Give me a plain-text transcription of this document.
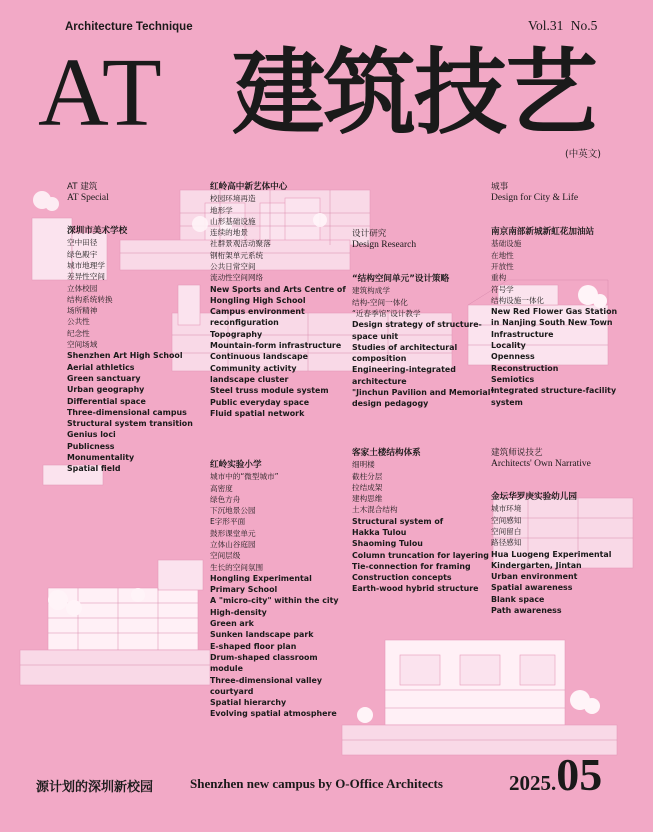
Architecture Technique	Vol.31 No.5
AT 建筑技艺
(中英文)
AT 建筑
AT Special
深圳市美术学校
空中田径
绿色殿宇
城市地理学
差异性空间
立体校园
结构系统转换
场所精神
公共性
纪念性
空间场域
Shenzhen Art High School
Aerial athletics
Green sanctuary
Urban geography
Differential space
Three-dimensional campus
Structural system transition
Genius loci
Publicness
Monumentality
Spatial field
红岭高中新艺体中心
校园环境再造
地形学
山形基础设施
连续的地景
社群景观活动聚落
钢桁架单元系统
公共日常空间
流动性空间网络
New Sports and Arts Centre of
Hongling High School
Campus environment
reconfiguration
Topography
Mountain-form infrastructure
Continuous landscape
Community activity
landscape cluster
Steel truss module system
Public everyday space
Fluid spatial network
红岭实验小学
城市中的“微型城市”
高密度
绿色方舟
下沉地景公园
E字形平面
鼓形课堂单元
立体山谷庭园
空间层级
生长的空间氛围
Hongling Experimental
Primary School
A "micro-city" within the city
High-density
Green ark
Sunken landscape park
E-shaped floor plan
Drum-shaped classroom
module
Three-dimensional valley
courtyard
Spatial hierarchy
Evolving spatial atmosphere
设计研究
Design Research
“结构空间单元”设计策略
建筑构成学
结构-空间一体化
“近春季馆”设计教学
Design strategy of structure-
space unit
Studies of architectural
composition
Engineering-integrated
architecture
"Jinchun Pavilion and Memorial"
design pedagogy
客家土楼结构体系
细明楼
截柱分层
拉结成架
建构思维
土木混合结构
Structural system of
Hakka Tulou
Shaoming Tulou
Column truncation for layering
Tie-connection for framing
Construction concepts
Earth-wood hybrid structure
城事
Design for City & Life
南京南部新城新虹花加油站
基础设施
在地性
开放性
重构
符号学
结构设施一体化
New Red Flower Gas Station
in Nanjing South New Town
Infrastructure
Locality
Openness
Reconstruction
Semiotics
Integrated structure-facility
system
建筑师说技艺
Architects' Own Narrative
金坛华罗庚实验幼儿园
城市环境
空间感知
空间留白
路径感知
Hua Luogeng Experimental
Kindergarten, Jintan
Urban environment
Spatial awareness
Blank space
Path awareness
源计划的深圳新校园	Shenzhen new campus by O-Office Architects	2025.05
